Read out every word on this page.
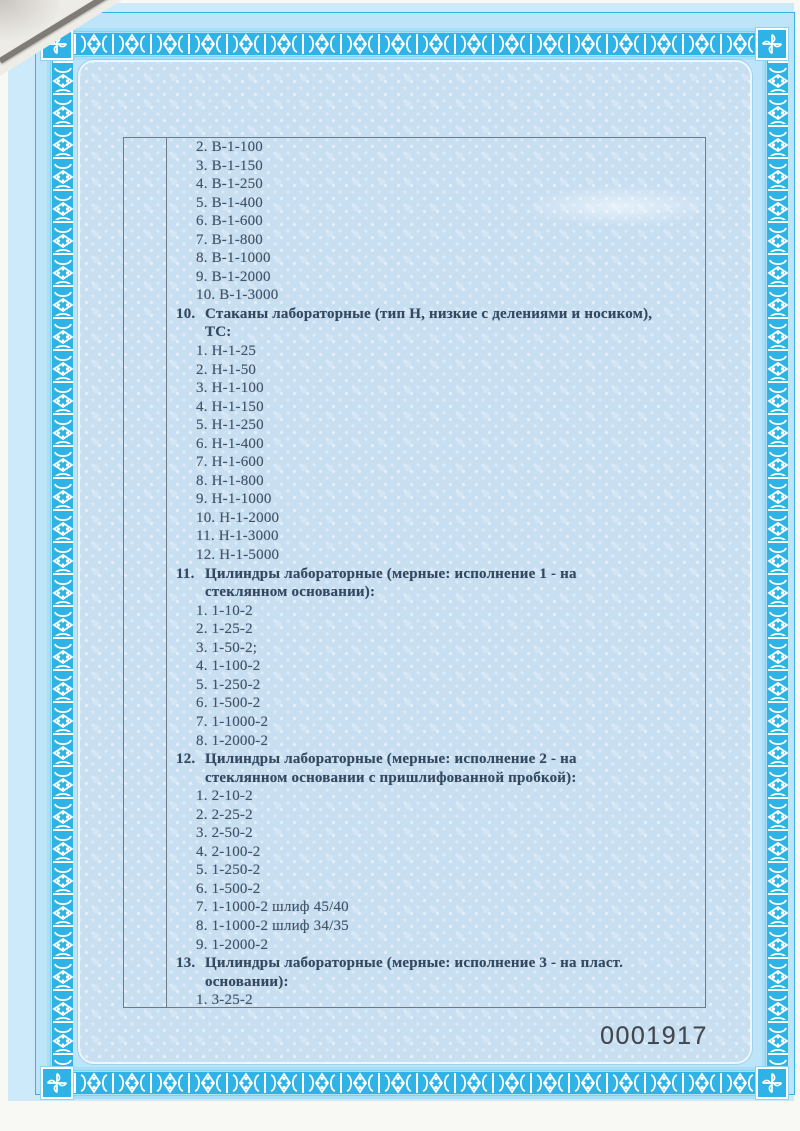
2. В-1-100
3. В-1-150
4. В-1-250
5. В-1-400
6. В-1-600
7. В-1-800
8. В-1-1000
9. В-1-2000
10. В-1-3000
10. Стаканы лабораторные (тип Н, низкие с делениями и носиком),
ТС:
1. Н-1-25
2. Н-1-50
3. Н-1-100
4. Н-1-150
5. Н-1-250
6. Н-1-400
7. Н-1-600
8. Н-1-800
9. Н-1-1000
10. Н-1-2000
11. Н-1-3000
12. Н-1-5000
11. Цилиндры лабораторные (мерные: исполнение 1 - на
стеклянном основании):
1. 1-10-2
2. 1-25-2
3. 1-50-2;
4. 1-100-2
5. 1-250-2
6. 1-500-2
7. 1-1000-2
8. 1-2000-2
12. Цилиндры лабораторные (мерные: исполнение 2 - на
стеклянном основании с пришлифованной пробкой):
1. 2-10-2
2. 2-25-2
3. 2-50-2
4. 2-100-2
5. 1-250-2
6. 1-500-2
7. 1-1000-2 шлиф 45/40
8. 1-1000-2 шлиф 34/35
9. 1-2000-2
13. Цилиндры лабораторные (мерные: исполнение 3 - на пласт.
основании):
1. 3-25-2
0001917
